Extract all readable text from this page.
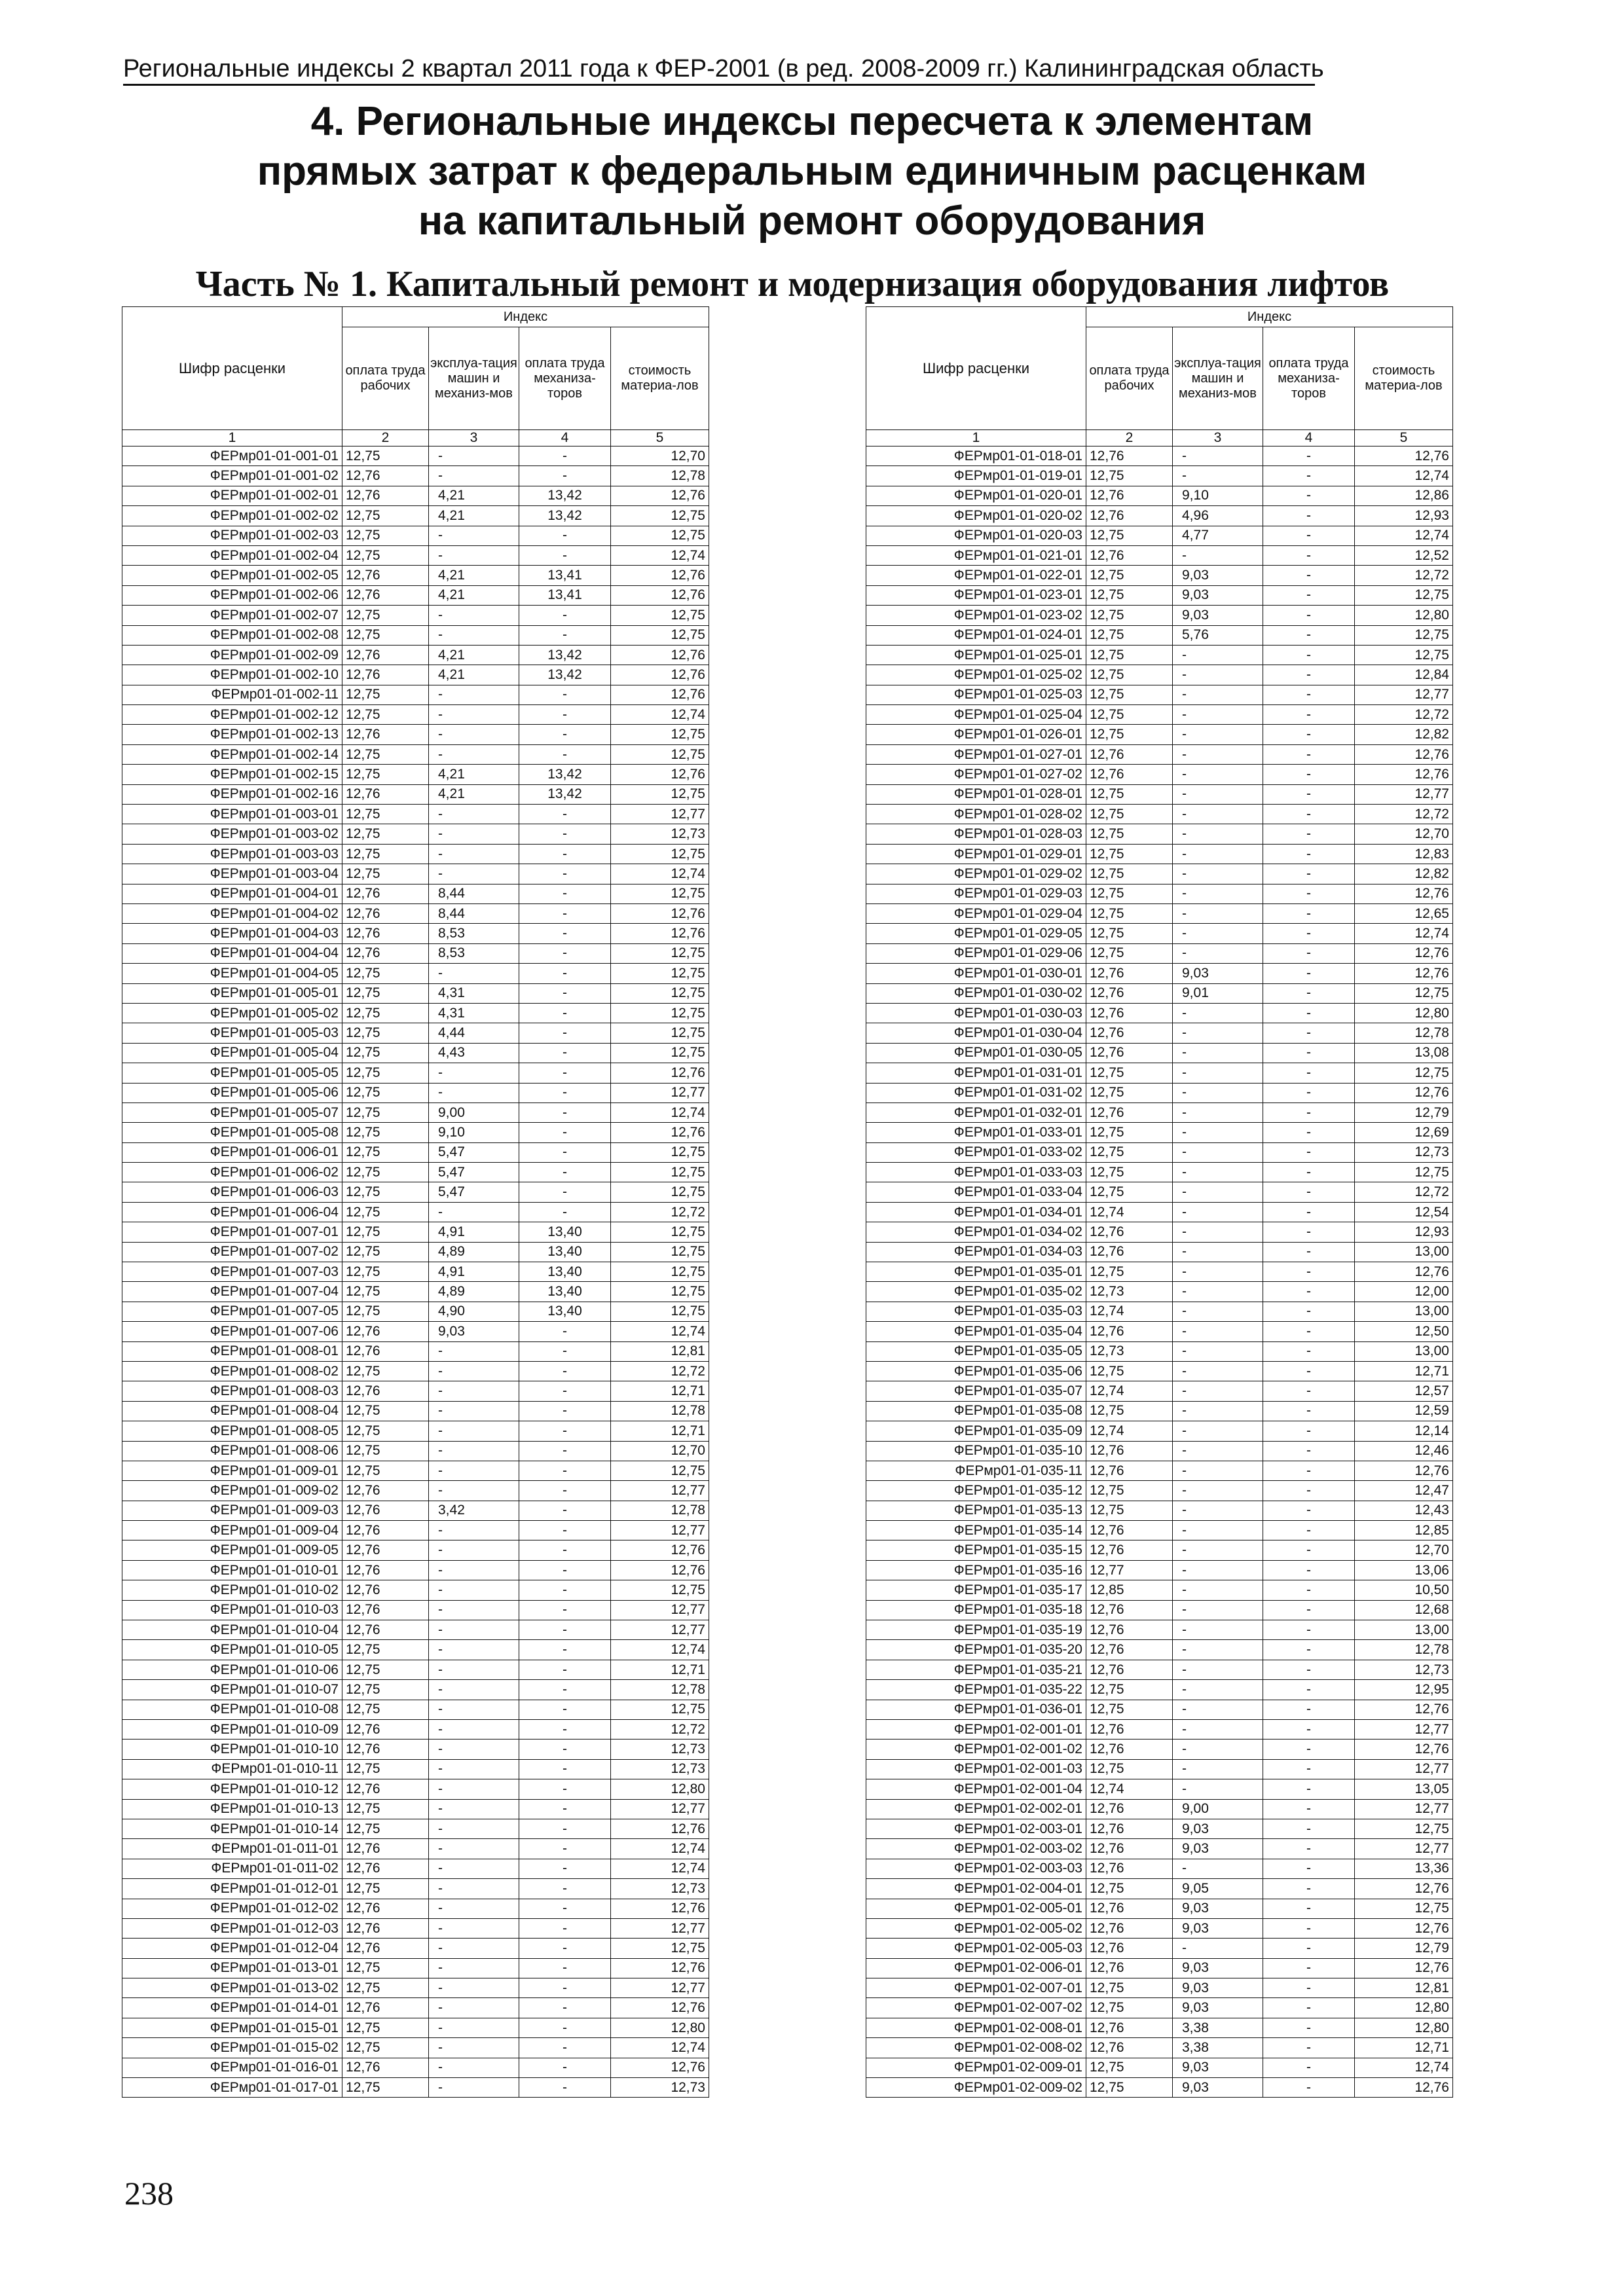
Региональные индексы 2 квартал 2011 года к ФЕР-2001 (в ред. 2008-2009 гг.) Калининградская область
4. Региональные индексы пересчета к элементам
прямых затрат к федеральным единичным расценкам
на капитальный ремонт оборудования
Часть № 1. Капитальный ремонт и модернизация оборудования лифтов
Шифр расценки	Индекс			
	оплата труда рабочих	эксплуа-тация машин и механиз-мов	оплата труда механиза-торов	стоимость материа-лов
1	2	3	4	5
ФЕРмр01-01-001-01	12,75	-	-	12,70
ФЕРмр01-01-001-02	12,76	-	-	12,78
ФЕРмр01-01-002-01	12,76	4,21	13,42	12,76
ФЕРмр01-01-002-02	12,75	4,21	13,42	12,75
ФЕРмр01-01-002-03	12,75	-	-	12,75
ФЕРмр01-01-002-04	12,75	-	-	12,74
ФЕРмр01-01-002-05	12,76	4,21	13,41	12,76
ФЕРмр01-01-002-06	12,76	4,21	13,41	12,76
ФЕРмр01-01-002-07	12,75	-	-	12,75
ФЕРмр01-01-002-08	12,75	-	-	12,75
ФЕРмр01-01-002-09	12,76	4,21	13,42	12,76
ФЕРмр01-01-002-10	12,76	4,21	13,42	12,76
ФЕРмр01-01-002-11	12,75	-	-	12,76
ФЕРмр01-01-002-12	12,75	-	-	12,74
ФЕРмр01-01-002-13	12,76	-	-	12,75
ФЕРмр01-01-002-14	12,75	-	-	12,75
ФЕРмр01-01-002-15	12,75	4,21	13,42	12,76
ФЕРмр01-01-002-16	12,76	4,21	13,42	12,75
ФЕРмр01-01-003-01	12,75	-	-	12,77
ФЕРмр01-01-003-02	12,75	-	-	12,73
ФЕРмр01-01-003-03	12,75	-	-	12,75
ФЕРмр01-01-003-04	12,75	-	-	12,74
ФЕРмр01-01-004-01	12,76	8,44	-	12,75
ФЕРмр01-01-004-02	12,76	8,44	-	12,76
ФЕРмр01-01-004-03	12,76	8,53	-	12,76
ФЕРмр01-01-004-04	12,76	8,53	-	12,75
ФЕРмр01-01-004-05	12,75	-	-	12,75
ФЕРмр01-01-005-01	12,75	4,31	-	12,75
ФЕРмр01-01-005-02	12,75	4,31	-	12,75
ФЕРмр01-01-005-03	12,75	4,44	-	12,75
ФЕРмр01-01-005-04	12,75	4,43	-	12,75
ФЕРмр01-01-005-05	12,75	-	-	12,76
ФЕРмр01-01-005-06	12,75	-	-	12,77
ФЕРмр01-01-005-07	12,75	9,00	-	12,74
ФЕРмр01-01-005-08	12,75	9,10	-	12,76
ФЕРмр01-01-006-01	12,75	5,47	-	12,75
ФЕРмр01-01-006-02	12,75	5,47	-	12,75
ФЕРмр01-01-006-03	12,75	5,47	-	12,75
ФЕРмр01-01-006-04	12,75	-	-	12,72
ФЕРмр01-01-007-01	12,75	4,91	13,40	12,75
ФЕРмр01-01-007-02	12,75	4,89	13,40	12,75
ФЕРмр01-01-007-03	12,75	4,91	13,40	12,75
ФЕРмр01-01-007-04	12,75	4,89	13,40	12,75
ФЕРмр01-01-007-05	12,75	4,90	13,40	12,75
ФЕРмр01-01-007-06	12,76	9,03	-	12,74
ФЕРмр01-01-008-01	12,76	-	-	12,81
ФЕРмр01-01-008-02	12,75	-	-	12,72
ФЕРмр01-01-008-03	12,76	-	-	12,71
ФЕРмр01-01-008-04	12,75	-	-	12,78
ФЕРмр01-01-008-05	12,75	-	-	12,71
ФЕРмр01-01-008-06	12,75	-	-	12,70
ФЕРмр01-01-009-01	12,75	-	-	12,75
ФЕРмр01-01-009-02	12,76	-	-	12,77
ФЕРмр01-01-009-03	12,76	3,42	-	12,78
ФЕРмр01-01-009-04	12,76	-	-	12,77
ФЕРмр01-01-009-05	12,76	-	-	12,76
ФЕРмр01-01-010-01	12,76	-	-	12,76
ФЕРмр01-01-010-02	12,76	-	-	12,75
ФЕРмр01-01-010-03	12,76	-	-	12,77
ФЕРмр01-01-010-04	12,76	-	-	12,77
ФЕРмр01-01-010-05	12,75	-	-	12,74
ФЕРмр01-01-010-06	12,75	-	-	12,71
ФЕРмр01-01-010-07	12,75	-	-	12,78
ФЕРмр01-01-010-08	12,75	-	-	12,75
ФЕРмр01-01-010-09	12,76	-	-	12,72
ФЕРмр01-01-010-10	12,76	-	-	12,73
ФЕРмр01-01-010-11	12,75	-	-	12,73
ФЕРмр01-01-010-12	12,76	-	-	12,80
ФЕРмр01-01-010-13	12,75	-	-	12,77
ФЕРмр01-01-010-14	12,75	-	-	12,76
ФЕРмр01-01-011-01	12,76	-	-	12,74
ФЕРмр01-01-011-02	12,76	-	-	12,74
ФЕРмр01-01-012-01	12,75	-	-	12,73
ФЕРмр01-01-012-02	12,76	-	-	12,76
ФЕРмр01-01-012-03	12,76	-	-	12,77
ФЕРмр01-01-012-04	12,76	-	-	12,75
ФЕРмр01-01-013-01	12,75	-	-	12,76
ФЕРмр01-01-013-02	12,75	-	-	12,77
ФЕРмр01-01-014-01	12,76	-	-	12,76
ФЕРмр01-01-015-01	12,75	-	-	12,80
ФЕРмр01-01-015-02	12,75	-	-	12,74
ФЕРмр01-01-016-01	12,76	-	-	12,76
ФЕРмр01-01-017-01	12,75	-	-	12,73
Шифр расценки	Индекс			
	оплата труда рабочих	эксплуа-тация машин и механиз-мов	оплата труда механиза-торов	стоимость материа-лов
1	2	3	4	5
ФЕРмр01-01-018-01	12,76	-	-	12,76
ФЕРмр01-01-019-01	12,75	-	-	12,74
ФЕРмр01-01-020-01	12,76	9,10	-	12,86
ФЕРмр01-01-020-02	12,76	4,96	-	12,93
ФЕРмр01-01-020-03	12,75	4,77	-	12,74
ФЕРмр01-01-021-01	12,76	-	-	12,52
ФЕРмр01-01-022-01	12,75	9,03	-	12,72
ФЕРмр01-01-023-01	12,75	9,03	-	12,75
ФЕРмр01-01-023-02	12,75	9,03	-	12,80
ФЕРмр01-01-024-01	12,75	5,76	-	12,75
ФЕРмр01-01-025-01	12,75	-	-	12,75
ФЕРмр01-01-025-02	12,75	-	-	12,84
ФЕРмр01-01-025-03	12,75	-	-	12,77
ФЕРмр01-01-025-04	12,75	-	-	12,72
ФЕРмр01-01-026-01	12,75	-	-	12,82
ФЕРмр01-01-027-01	12,76	-	-	12,76
ФЕРмр01-01-027-02	12,76	-	-	12,76
ФЕРмр01-01-028-01	12,75	-	-	12,77
ФЕРмр01-01-028-02	12,75	-	-	12,72
ФЕРмр01-01-028-03	12,75	-	-	12,70
ФЕРмр01-01-029-01	12,75	-	-	12,83
ФЕРмр01-01-029-02	12,75	-	-	12,82
ФЕРмр01-01-029-03	12,75	-	-	12,76
ФЕРмр01-01-029-04	12,75	-	-	12,65
ФЕРмр01-01-029-05	12,75	-	-	12,74
ФЕРмр01-01-029-06	12,75	-	-	12,76
ФЕРмр01-01-030-01	12,76	9,03	-	12,76
ФЕРмр01-01-030-02	12,76	9,01	-	12,75
ФЕРмр01-01-030-03	12,76	-	-	12,80
ФЕРмр01-01-030-04	12,76	-	-	12,78
ФЕРмр01-01-030-05	12,76	-	-	13,08
ФЕРмр01-01-031-01	12,75	-	-	12,75
ФЕРмр01-01-031-02	12,75	-	-	12,76
ФЕРмр01-01-032-01	12,76	-	-	12,79
ФЕРмр01-01-033-01	12,75	-	-	12,69
ФЕРмр01-01-033-02	12,75	-	-	12,73
ФЕРмр01-01-033-03	12,75	-	-	12,75
ФЕРмр01-01-033-04	12,75	-	-	12,72
ФЕРмр01-01-034-01	12,74	-	-	12,54
ФЕРмр01-01-034-02	12,76	-	-	12,93
ФЕРмр01-01-034-03	12,76	-	-	13,00
ФЕРмр01-01-035-01	12,75	-	-	12,76
ФЕРмр01-01-035-02	12,73	-	-	12,00
ФЕРмр01-01-035-03	12,74	-	-	13,00
ФЕРмр01-01-035-04	12,76	-	-	12,50
ФЕРмр01-01-035-05	12,73	-	-	13,00
ФЕРмр01-01-035-06	12,75	-	-	12,71
ФЕРмр01-01-035-07	12,74	-	-	12,57
ФЕРмр01-01-035-08	12,75	-	-	12,59
ФЕРмр01-01-035-09	12,74	-	-	12,14
ФЕРмр01-01-035-10	12,76	-	-	12,46
ФЕРмр01-01-035-11	12,76	-	-	12,76
ФЕРмр01-01-035-12	12,75	-	-	12,47
ФЕРмр01-01-035-13	12,75	-	-	12,43
ФЕРмр01-01-035-14	12,76	-	-	12,85
ФЕРмр01-01-035-15	12,76	-	-	12,70
ФЕРмр01-01-035-16	12,77	-	-	13,06
ФЕРмр01-01-035-17	12,85	-	-	10,50
ФЕРмр01-01-035-18	12,76	-	-	12,68
ФЕРмр01-01-035-19	12,76	-	-	13,00
ФЕРмр01-01-035-20	12,76	-	-	12,78
ФЕРмр01-01-035-21	12,76	-	-	12,73
ФЕРмр01-01-035-22	12,75	-	-	12,95
ФЕРмр01-01-036-01	12,75	-	-	12,76
ФЕРмр01-02-001-01	12,76	-	-	12,77
ФЕРмр01-02-001-02	12,76	-	-	12,76
ФЕРмр01-02-001-03	12,75	-	-	12,77
ФЕРмр01-02-001-04	12,74	-	-	13,05
ФЕРмр01-02-002-01	12,76	9,00	-	12,77
ФЕРмр01-02-003-01	12,76	9,03	-	12,75
ФЕРмр01-02-003-02	12,76	9,03	-	12,77
ФЕРмр01-02-003-03	12,76	-	-	13,36
ФЕРмр01-02-004-01	12,75	9,05	-	12,76
ФЕРмр01-02-005-01	12,76	9,03	-	12,75
ФЕРмр01-02-005-02	12,76	9,03	-	12,76
ФЕРмр01-02-005-03	12,76	-	-	12,79
ФЕРмр01-02-006-01	12,76	9,03	-	12,76
ФЕРмр01-02-007-01	12,75	9,03	-	12,81
ФЕРмр01-02-007-02	12,75	9,03	-	12,80
ФЕРмр01-02-008-01	12,76	3,38	-	12,80
ФЕРмр01-02-008-02	12,76	3,38	-	12,71
ФЕРмр01-02-009-01	12,75	9,03	-	12,74
ФЕРмр01-02-009-02	12,75	9,03	-	12,76
238
